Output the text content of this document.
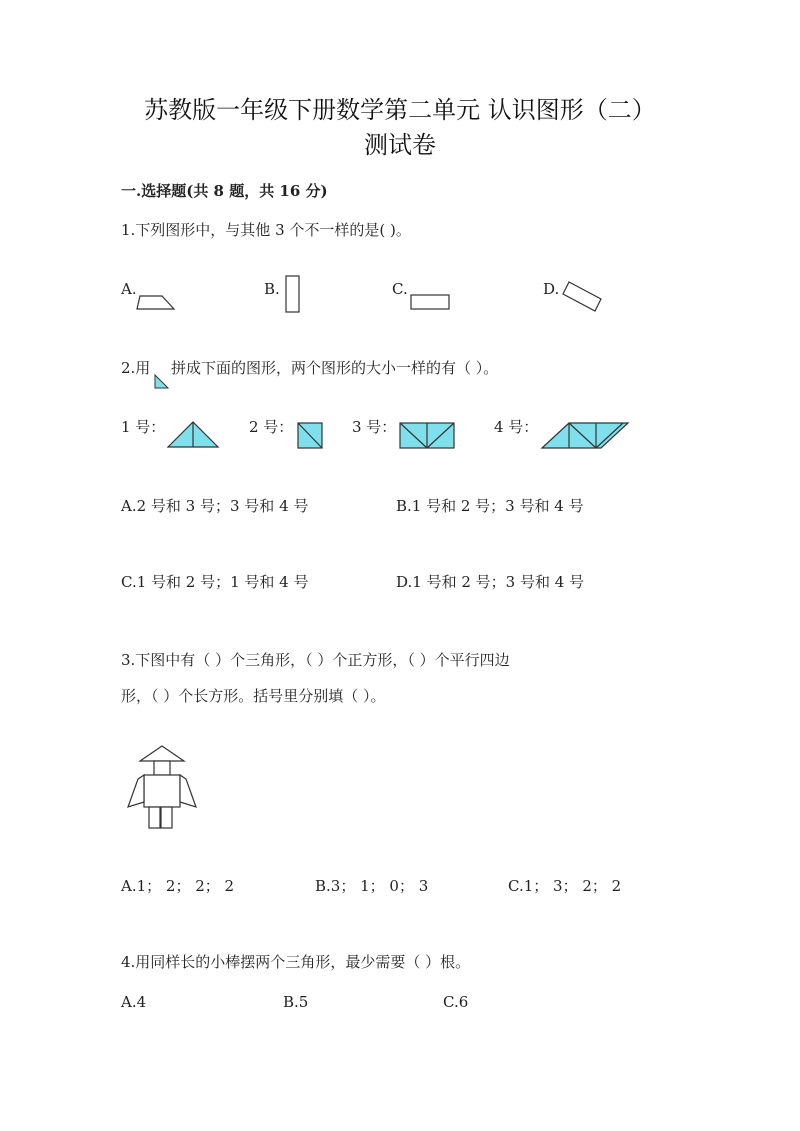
苏教版一年级下册数学第二单元 认识图形（二）
测试卷
一.选择题(共 8 题，共 16 分)
1.下列图形中，与其他 3 个不一样的是( )。
A.	B.	C.	D.
2.用 拼成下面的图形，两个图形的大小一样的有（ ）。
1 号：	2 号：	3 号：	4 号：
A.2 号和 3 号；3 号和 4 号	B.1 号和 2 号；3 号和 4 号
C.1 号和 2 号；1 号和 4 号	D.1 号和 2 号；3 号和 4 号
3.下图中有（ ）个三角形，（ ）个正方形，（ ）个平行四边
形，（ ）个长方形。括号里分别填（ ）。
A.1； 2； 2； 2	B.3； 1； 0； 3	C.1； 3； 2； 2
4.用同样长的小棒摆两个三角形，最少需要（ ）根。
A.4	B.5	C.6
